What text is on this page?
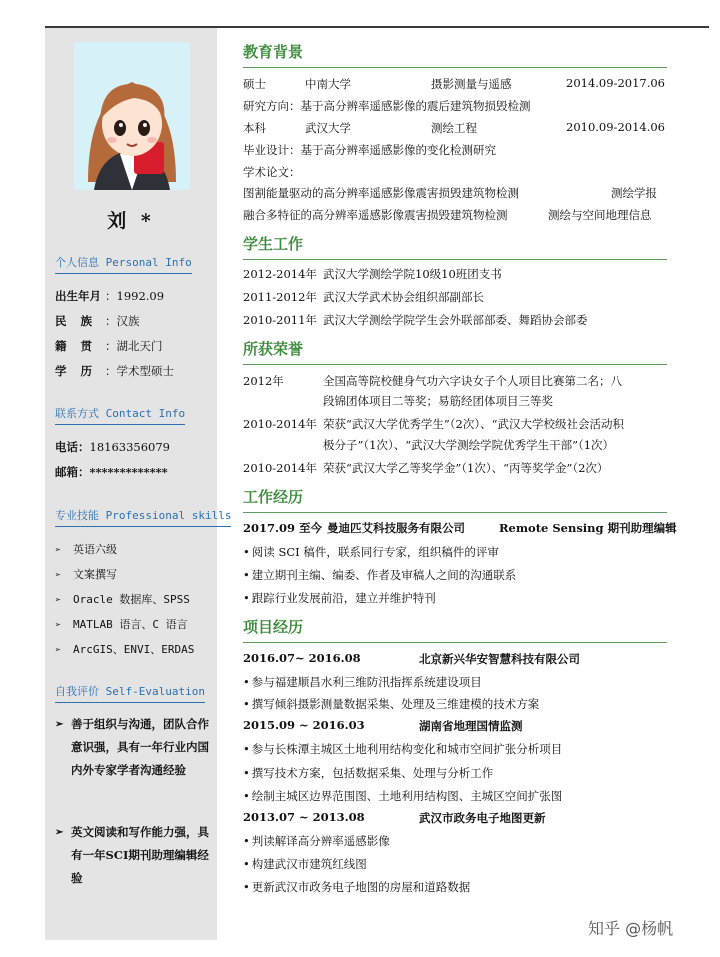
刘 *
个人信息 Personal Info
出生年月 ：1992.09
民族：汉族
籍贯：湖北天门
学历：学术型硕士
联系方式 Contact Info
电话：18163356079
邮箱：*************
专业技能 Professional skills
➢ 英语六级
➢ 文案撰写
➢ Oracle 数据库、SPSS
➢ MATLAB 语言、C 语言
➢ ArcGIS、ENVI、ERDAS
自我评价 Self-Evaluation
➢ 善于组织与沟通，团队合作意识强，具有一年行业内国内外专家学者沟通经验
➢ 英文阅读和写作能力强，具有一年SCI期刊助理编辑经验
教育背景
硕士	中南大学	摄影测量与遥感	2014.09-2017.06
研究方向：基于高分辨率遥感影像的震后建筑物损毁检测
本科	武汉大学	测绘工程	2010.09-2014.06
毕业设计：基于高分辨率遥感影像的变化检测研究
学术论文：
图割能量驱动的高分辨率遥感影像震害损毁建筑物检测	测绘学报
融合多特征的高分辨率遥感影像震害损毁建筑物检测	测绘与空间地理信息
学生工作
2012-2014年 武汉大学测绘学院10级10班团支书
2011-2012年 武汉大学武术协会组织部副部长
2010-2011年 武汉大学测绘学院学生会外联部部委、舞蹈协会部委
所获荣誉
2012年	全国高等院校健身气功六字诀女子个人项目比赛第二名；八
段锦团体项目二等奖；易筋经团体项目三等奖
2010-2014年 荣获“武汉大学优秀学生”（2次）、“武汉大学校级社会活动积
极分子”（1次）、“武汉大学测绘学院优秀学生干部”（1次）
2010-2014年 荣获“武汉大学乙等奖学金”（1次）、“丙等奖学金”（2次）
工作经历
2017.09 至今 曼迪匹艾科技服务有限公司	Remote Sensing 期刊助理编辑
• 阅读 SCI 稿件，联系同行专家，组织稿件的评审
• 建立期刊主编、编委、作者及审稿人之间的沟通联系
• 跟踪行业发展前沿，建立并维护特刊
项目经历
2016.07~ 2016.08	北京新兴华安智慧科技有限公司
• 参与福建顺昌水利三维防汛指挥系统建设项目
• 撰写倾斜摄影测量数据采集、处理及三维建模的技术方案
2015.09 ~ 2016.03	湖南省地理国情监测
• 参与长株潭主城区土地利用结构变化和城市空间扩张分析项目
• 撰写技术方案，包括数据采集、处理与分析工作
• 绘制主城区边界范围图、土地利用结构图、主城区空间扩张图
2013.07 ~ 2013.08	武汉市政务电子地图更新
• 判读解译高分辨率遥感影像
• 构建武汉市建筑红线图
• 更新武汉市政务电子地图的房屋和道路数据
知乎 @杨帆
